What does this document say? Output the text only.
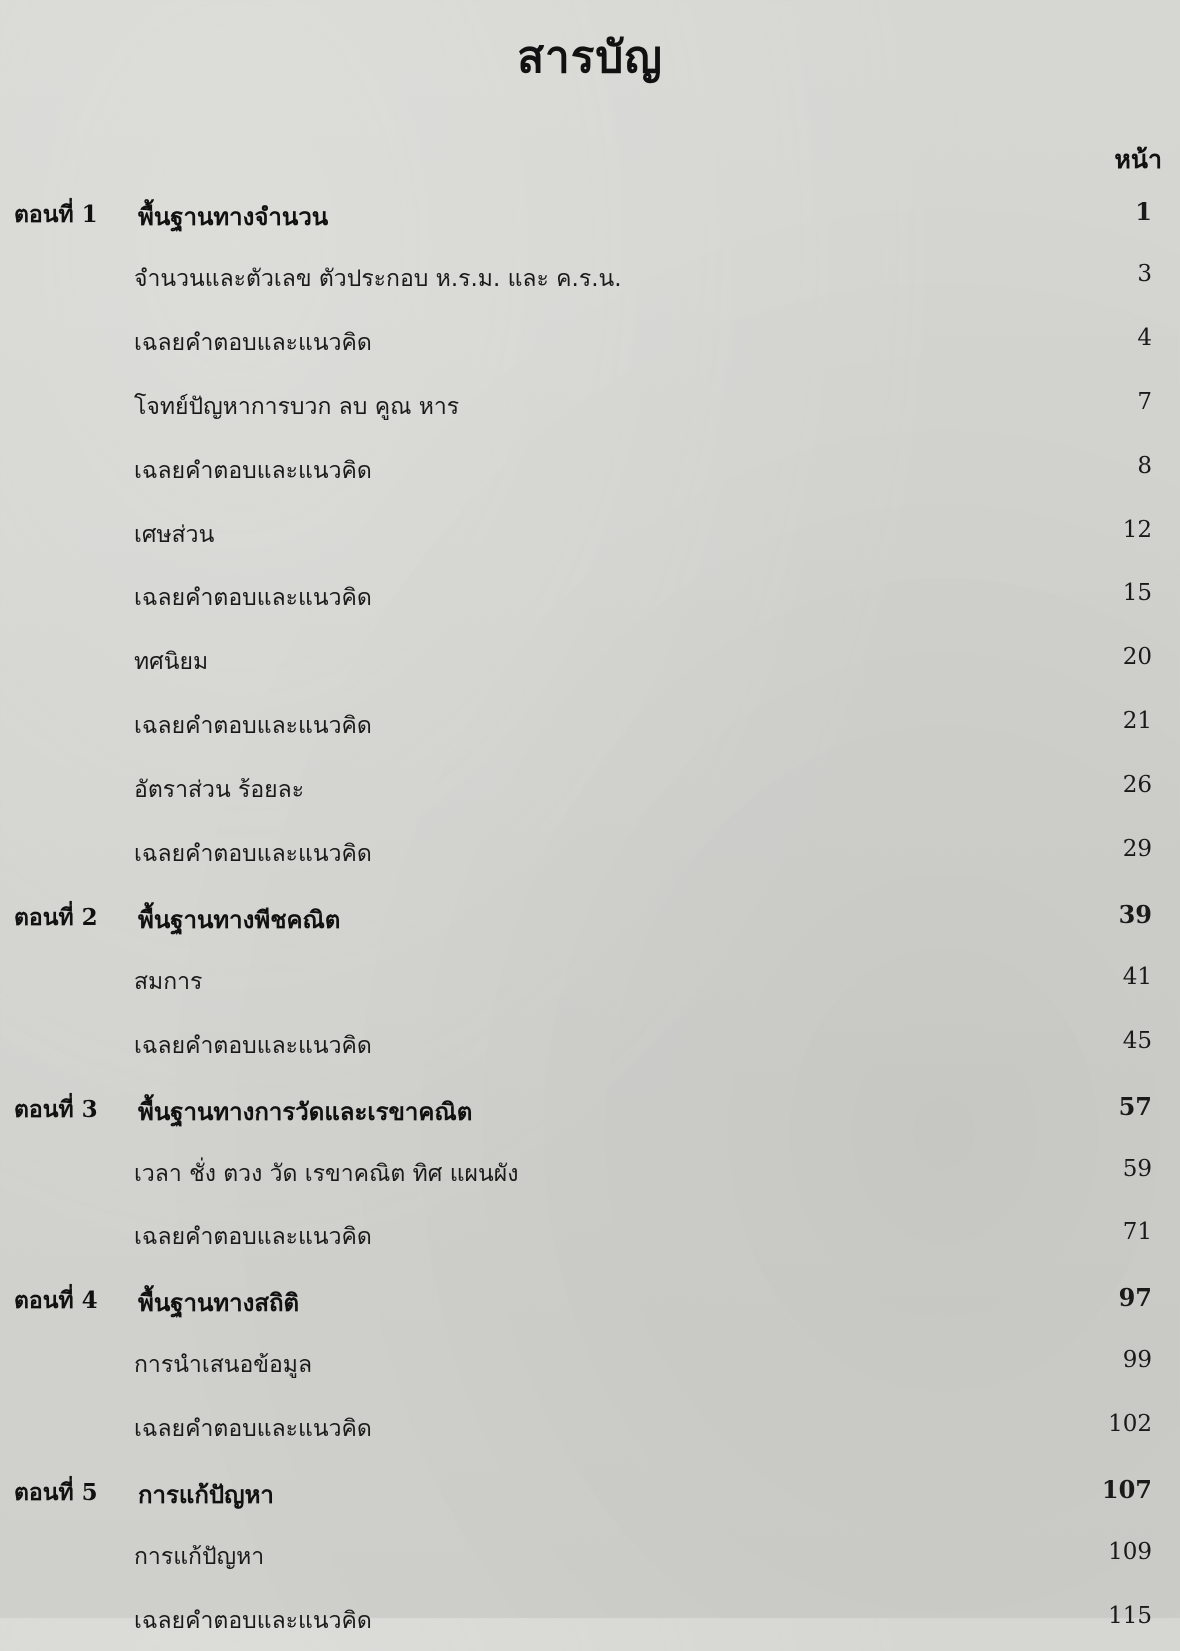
สารบัญ
หน้า
ตอนที่ 1 พื้นฐานทางจำนวน	1
จำนวนและตัวเลข ตัวประกอบ ห.ร.ม. และ ค.ร.น.	3
เฉลยคำตอบและแนวคิด	4
โจทย์ปัญหาการบวก ลบ คูณ หาร	7
เฉลยคำตอบและแนวคิด	8
เศษส่วน	12
เฉลยคำตอบและแนวคิด	15
ทศนิยม	20
เฉลยคำตอบและแนวคิด	21
อัตราส่วน ร้อยละ	26
เฉลยคำตอบและแนวคิด	29
ตอนที่ 2 พื้นฐานทางพีชคณิต	39
สมการ	41
เฉลยคำตอบและแนวคิด	45
ตอนที่ 3 พื้นฐานทางการวัดและเรขาคณิต	57
เวลา ชั่ง ตวง วัด เรขาคณิต ทิศ แผนผัง	59
เฉลยคำตอบและแนวคิด	71
ตอนที่ 4 พื้นฐานทางสถิติ	97
การนำเสนอข้อมูล	99
เฉลยคำตอบและแนวคิด	102
ตอนที่ 5 การแก้ปัญหา	107
การแก้ปัญหา	109
เฉลยคำตอบและแนวคิด	115
